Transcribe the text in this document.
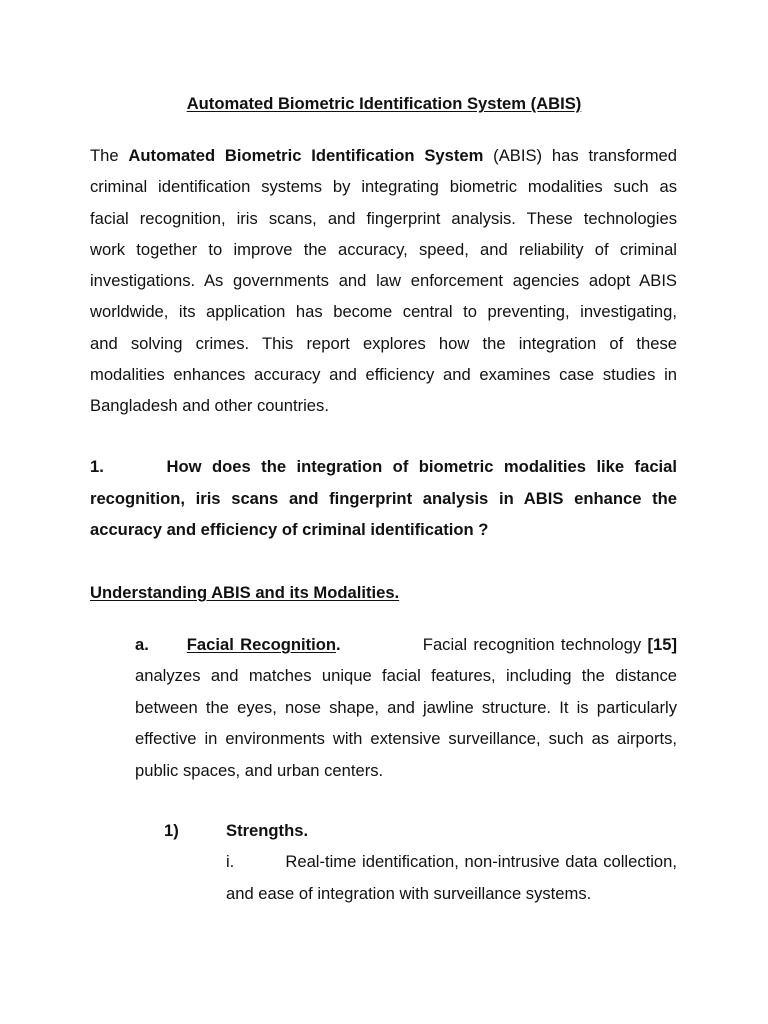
Automated Biometric Identification System (ABIS)
The Automated Biometric Identification System (ABIS) has transformed
criminal identification systems by integrating biometric modalities such as
facial recognition, iris scans, and fingerprint analysis. These technologies
work together to improve the accuracy, speed, and reliability of criminal
investigations. As governments and law enforcement agencies adopt ABIS
worldwide, its application has become central to preventing, investigating,
and solving crimes. This report explores how the integration of these
modalities enhances accuracy and efficiency and examines case studies in
Bangladesh and other countries.
1.      How does the integration of biometric modalities like facial
recognition, iris scans and fingerprint analysis in ABIS enhance the
accuracy and efficiency of criminal identification ?
a. Facial Recognition.             Facial recognition technology [15]
analyzes and matches unique facial features, including the distance
between the eyes, nose shape, and jawline structure. It is particularly
effective in environments with extensive surveillance, such as airports,
public spaces, and urban centers.
i.         Real-time identification, non-intrusive data collection,
and ease of integration with surveillance systems.
Understanding ABIS and its Modalities.
1)	Strengths.
